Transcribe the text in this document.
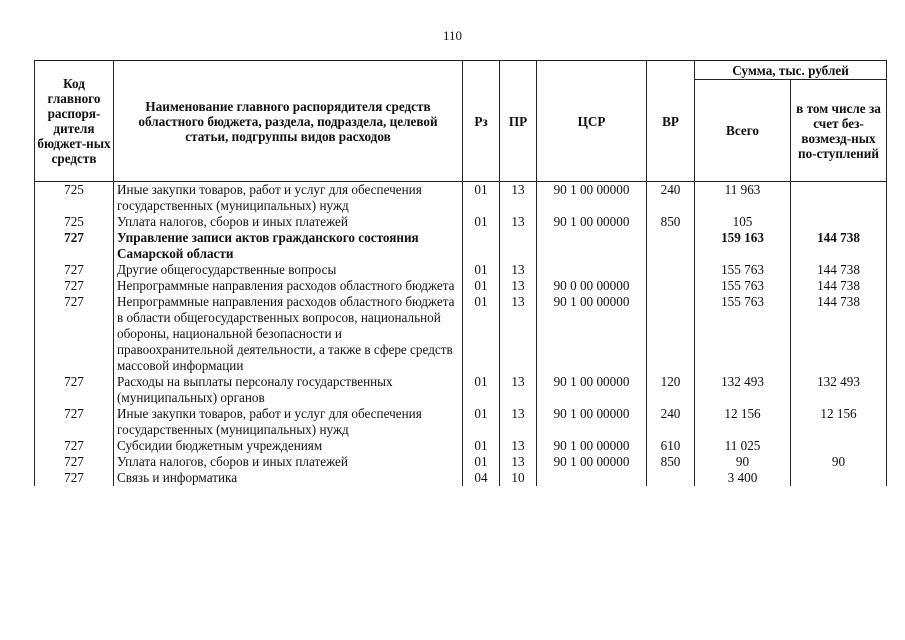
110
Код главного распоря-дителя бюджет-ных средств	Наименование главного распорядителя средств областного бюджета, раздела, подраздела, целевой статьи, подгруппы видов расходов	Рз	ПР	ЦСР	ВР	Сумма, тыс. рублей	
						Всего	в том числе за счет без-возмезд-ных по-ступлений
725	Иные закупки товаров, работ и услуг для обеспечения государственных (муниципальных) нужд	01	13	90 1 00 00000	240	11 963	
725	Уплата налогов, сборов и иных платежей	01	13	90 1 00 00000	850	105	
727	Управление записи актов гражданского состояния Самарской области					159 163	144 738
727	Другие общегосударственные вопросы	01	13			155 763	144 738
727	Непрограммные направления расходов областного бюджета	01	13	90 0 00 00000		155 763	144 738
727	Непрограммные направления расходов областного бюджета в области общегосударственных вопросов, национальной обороны, национальной безопасности и правоохранительной деятельности, а также в сфере средств массовой информации	01	13	90 1 00 00000		155 763	144 738
727	Расходы на выплаты персоналу государственных (муниципальных) органов	01	13	90 1 00 00000	120	132 493	132 493
727	Иные закупки товаров, работ и услуг для обеспечения государственных (муниципальных) нужд	01	13	90 1 00 00000	240	12 156	12 156
727	Субсидии бюджетным учреждениям	01	13	90 1 00 00000	610	11 025	
727	Уплата налогов, сборов и иных платежей	01	13	90 1 00 00000	850	90	90
727	Связь и информатика	04	10			3 400	
